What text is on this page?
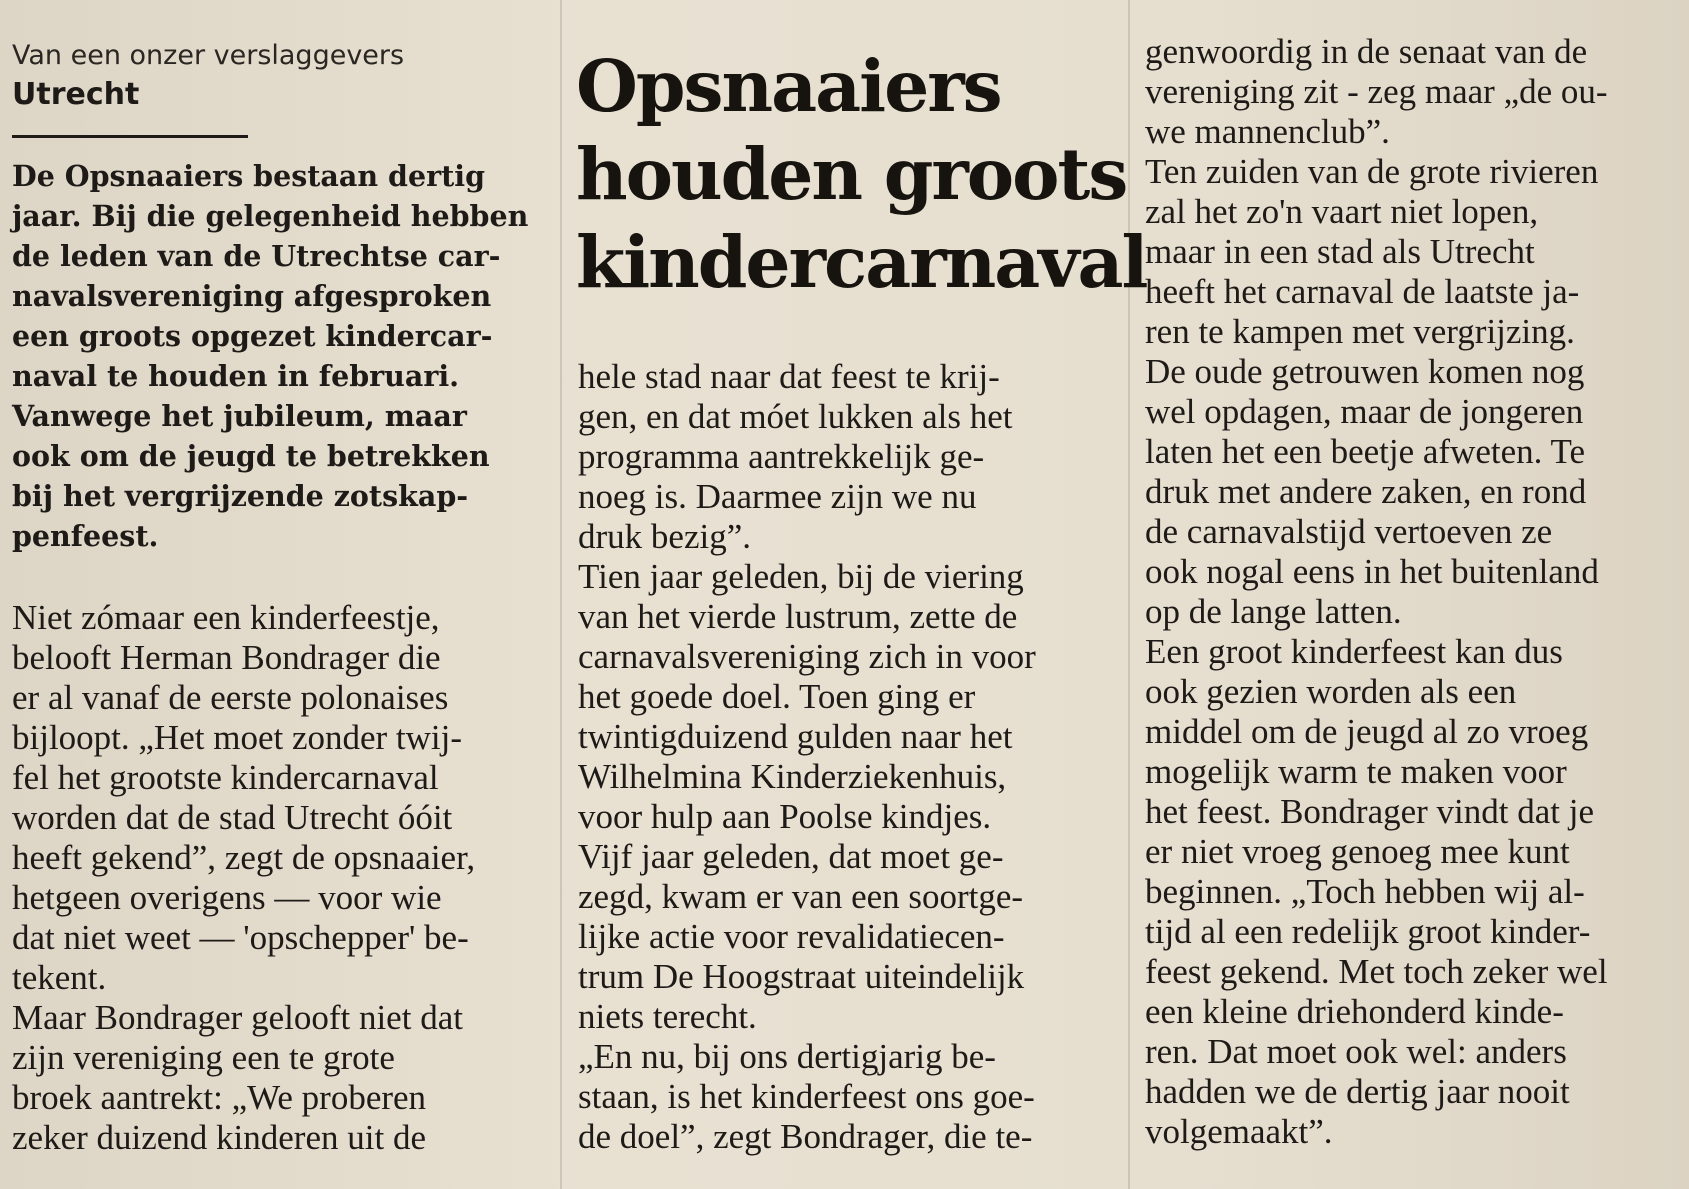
Van een onzer verslaggevers
Utrecht
De Opsnaaiers bestaan dertig
jaar. Bij die gelegenheid hebben
de leden van de Utrechtse car-
navalsvereniging afgesproken
een groots opgezet kindercar-
naval te houden in februari.
Vanwege het jubileum, maar
ook om de jeugd te betrekken
bij het vergrijzende zotskap-
penfeest.
Niet zómaar een kinderfeestje,
belooft Herman Bondrager die
er al vanaf de eerste polonaises
bijloopt. „Het moet zonder twij-
fel het grootste kindercarnaval
worden dat de stad Utrecht óóit
heeft gekend”, zegt de opsnaaier,
hetgeen overigens — voor wie
dat niet weet — 'opschepper' be-
tekent.
Maar Bondrager gelooft niet dat
zijn vereniging een te grote
broek aantrekt: „We proberen
zeker duizend kinderen uit de
Opsnaaiers
houden groots
kindercarnaval
hele stad naar dat feest te krij-
gen, en dat móet lukken als het
programma aantrekkelijk ge-
noeg is. Daarmee zijn we nu
druk bezig”.
Tien jaar geleden, bij de viering
van het vierde lustrum, zette de
carnavalsvereniging zich in voor
het goede doel. Toen ging er
twintigduizend gulden naar het
Wilhelmina Kinderziekenhuis,
voor hulp aan Poolse kindjes.
Vijf jaar geleden, dat moet ge-
zegd, kwam er van een soortge-
lijke actie voor revalidatiecen-
trum De Hoogstraat uiteindelijk
niets terecht.
„En nu, bij ons dertigjarig be-
staan, is het kinderfeest ons goe-
de doel”, zegt Bondrager, die te-
genwoordig in de senaat van de
vereniging zit - zeg maar „de ou-
we mannenclub”.
Ten zuiden van de grote rivieren
zal het zo'n vaart niet lopen,
maar in een stad als Utrecht
heeft het carnaval de laatste ja-
ren te kampen met vergrijzing.
De oude getrouwen komen nog
wel opdagen, maar de jongeren
laten het een beetje afweten. Te
druk met andere zaken, en rond
de carnavalstijd vertoeven ze
ook nogal eens in het buitenland
op de lange latten.
Een groot kinderfeest kan dus
ook gezien worden als een
middel om de jeugd al zo vroeg
mogelijk warm te maken voor
het feest. Bondrager vindt dat je
er niet vroeg genoeg mee kunt
beginnen. „Toch hebben wij al-
tijd al een redelijk groot kinder-
feest gekend. Met toch zeker wel
een kleine driehonderd kinde-
ren. Dat moet ook wel: anders
hadden we de dertig jaar nooit
volgemaakt”.
